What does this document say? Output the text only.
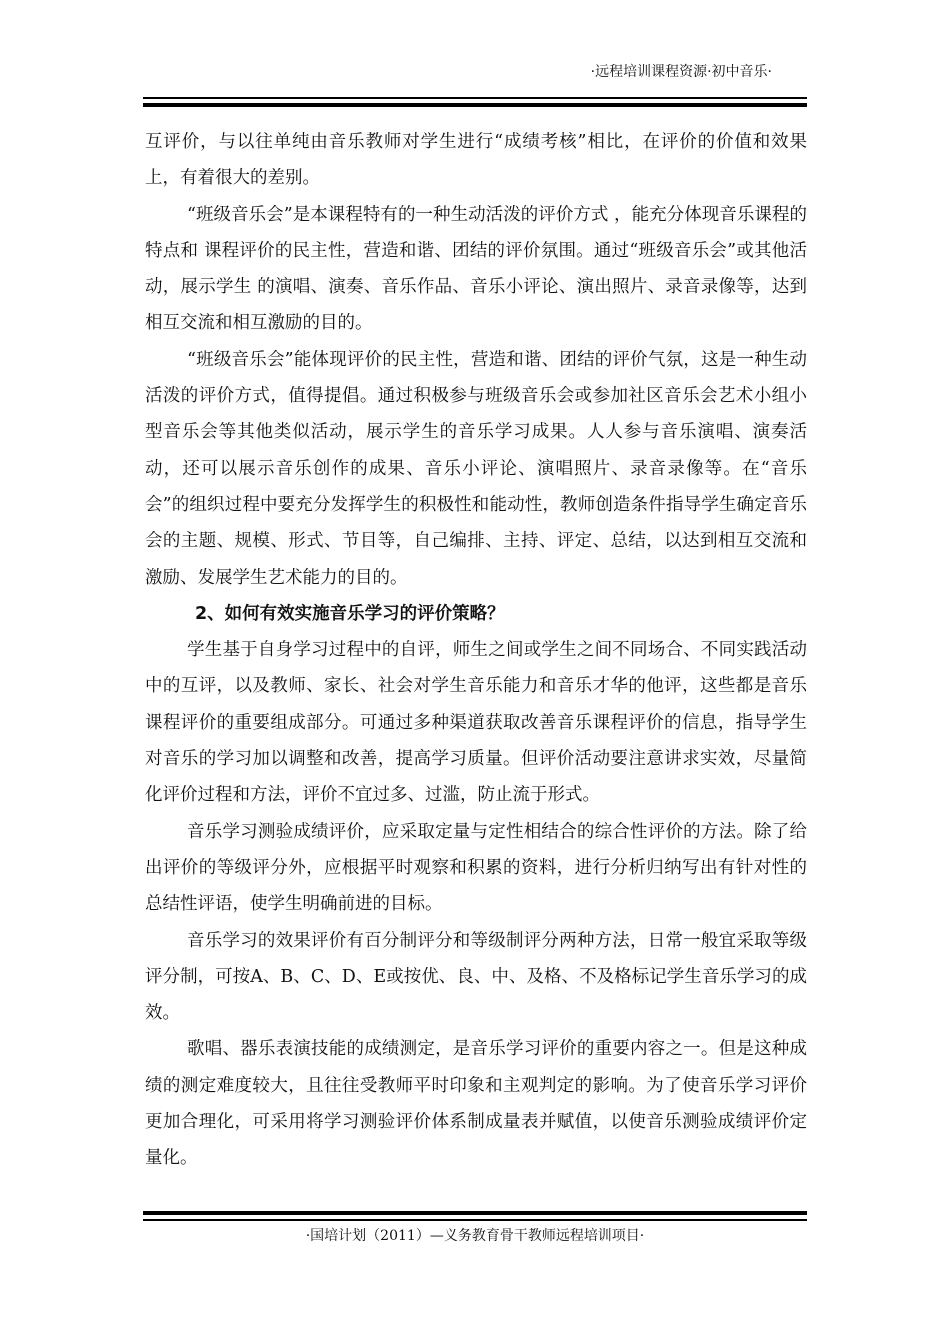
·远程培训课程资源·初中音乐·

互评价，与以往单纯由音乐教师对学生进行“成绩考核”相比，在评价的价值和效果上，有着很大的差别。

“班级音乐会”是本课程特有的一种生动活泼的评价方式 ，能充分体现音乐课程的特点和 课程评价的民主性，营造和谐、团结的评价氛围。通过“班级音乐会”或其他活动，展示学生 的演唱、演奏、音乐作品、音乐小评论、演出照片、录音录像等，达到相互交流和相互激励的目的。

“班级音乐会”能体现评价的民主性，营造和谐、团结的评价气氛，这是一种生动活泼的评价方式，值得提倡。通过积极参与班级音乐会或参加社区音乐会艺术小组小型音乐会等其他类似活动，展示学生的音乐学习成果。人人参与音乐演唱、演奏活动，还可以展示音乐创作的成果、音乐小评论、演唱照片、录音录像等。在“音乐会”的组织过程中要充分发挥学生的积极性和能动性，教师创造条件指导学生确定音乐会的主题、规模、形式、节目等，自己编排、主持、评定、总结，以达到相互交流和激励、发展学生艺术能力的目的。

2、如何有效实施音乐学习的评价策略？

学生基于自身学习过程中的自评，师生之间或学生之间不同场合、不同实践活动中的互评，以及教师、家长、社会对学生音乐能力和音乐才华的他评，这些都是音乐课程评价的重要组成部分。可通过多种渠道获取改善音乐课程评价的信息，指导学生对音乐的学习加以调整和改善，提高学习质量。但评价活动要注意讲求实效，尽量简化评价过程和方法，评价不宜过多、过滥，防止流于形式。

音乐学习测验成绩评价，应采取定量与定性相结合的综合性评价的方法。除了给出评价的等级评分外，应根据平时观察和积累的资料，进行分析归纳写出有针对性的总结性评语，使学生明确前进的目标。

音乐学习的效果评价有百分制评分和等级制评分两种方法，日常一般宜采取等级评分制，可按A、B、C、D、E或按优、良、中、及格、不及格标记学生音乐学习的成效。

歌唱、器乐表演技能的成绩测定，是音乐学习评价的重要内容之一。但是这种成绩的测定难度较大，且往往受教师平时印象和主观判定的影响。为了使音乐学习评价更加合理化，可采用将学习测验评价体系制成量表并赋值，以使音乐测验成绩评价定量化。

·国培计划（2011）—义务教育骨干教师远程培训项目·
